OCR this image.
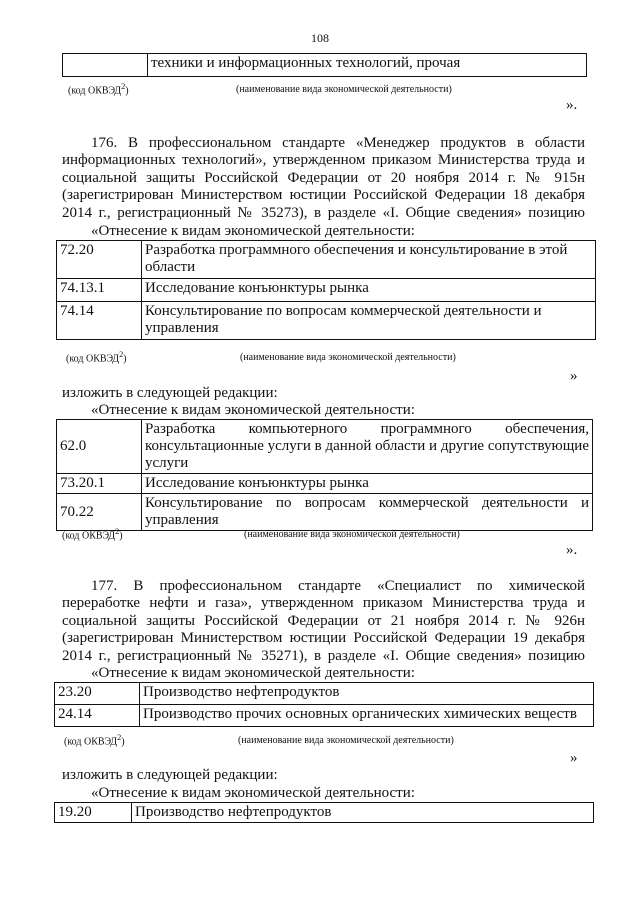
108
	техники и информационных технологий, прочая
(код ОКВЭД$^2$)	(наименование вида экономической деятельности)
».
176. В профессиональном стандарте «Менеджер продуктов в области информационных технологий», утвержденном приказом Министерства труда и социальной защиты Российской Федерации от 20 ноября 2014 г. № 915н (зарегистрирован Министерством юстиции Российской Федерации 18 декабря 2014 г., регистрационный № 35273), в разделе «I. Общие сведения» позицию
«Отнесение к видам экономической деятельности:
72.20	Разработка программного обеспечения и консультирование в этой области
74.13.1	Исследование конъюнктуры рынка
74.14	Консультирование по вопросам коммерческой деятельности и управления
(код ОКВЭД$^2$)	(наименование вида экономической деятельности)
»
изложить в следующей редакции:
«Отнесение к видам экономической деятельности:
62.0	Разработка компьютерного программного обеспечения, консультационные услуги в данной области и другие сопутствующие услуги
73.20.1	Исследование конъюнктуры рынка
70.22	Консультирование по вопросам коммерческой деятельности и управления
(код ОКВЭД$^2$)	(наименование вида экономической деятельности)
».
177. В профессиональном стандарте «Специалист по химической переработке нефти и газа», утвержденном приказом Министерства труда и социальной защиты Российской Федерации от 21 ноября 2014 г. № 926н (зарегистрирован Министерством юстиции Российской Федерации 19 декабря 2014 г., регистрационный № 35271), в разделе «I. Общие сведения» позицию
«Отнесение к видам экономической деятельности:
23.20	Производство нефтепродуктов
24.14	Производство прочих основных органических химических веществ
(код ОКВЭД$^2$)	(наименование вида экономической деятельности)
»
изложить в следующей редакции:
«Отнесение к видам экономической деятельности:
19.20	Производство нефтепродуктов
